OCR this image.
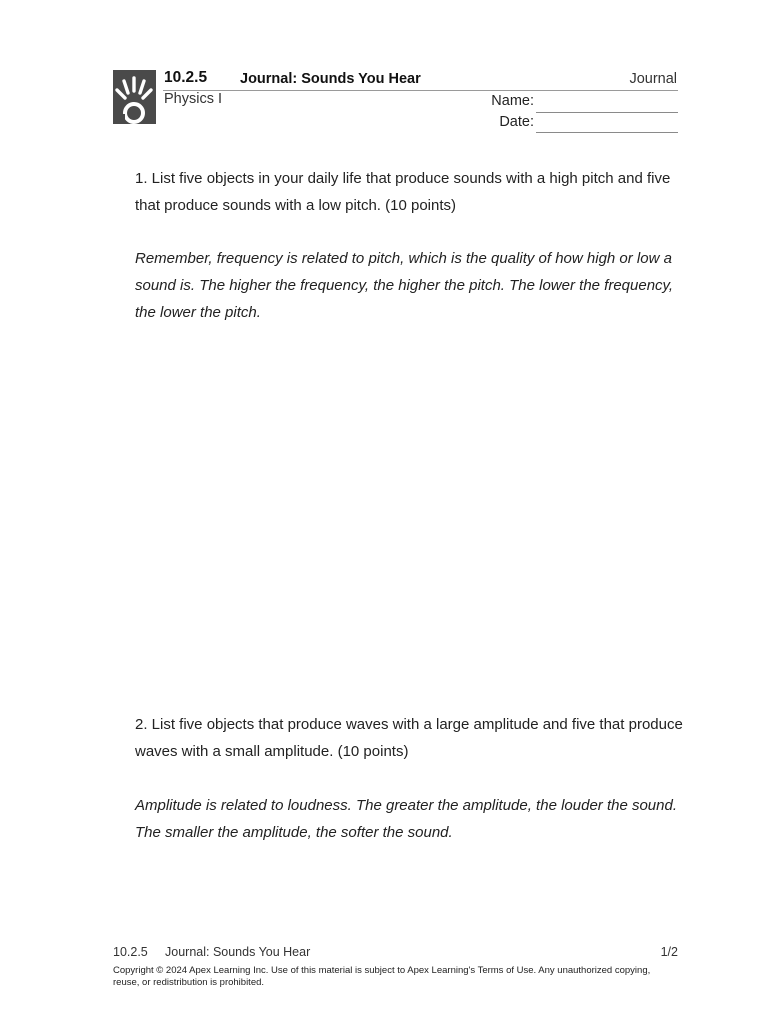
10.2.5 Journal: Sounds You Hear	Journal
Physics I	Name:
Date:
1. List five objects in your daily life that produce sounds with a high pitch and five that produce sounds with a low pitch. (10 points)
Remember, frequency is related to pitch, which is the quality of how high or low a sound is. The higher the frequency, the higher the pitch. The lower the frequency, the lower the pitch.
2. List five objects that produce waves with a large amplitude and five that produce waves with a small amplitude. (10 points)
Amplitude is related to loudness. The greater the amplitude, the louder the sound. The smaller the amplitude, the softer the sound.
10.2.5 Journal: Sounds You Hear	1/2
Copyright © 2024 Apex Learning Inc. Use of this material is subject to Apex Learning's Terms of Use. Any unauthorized copying, reuse, or redistribution is prohibited.
